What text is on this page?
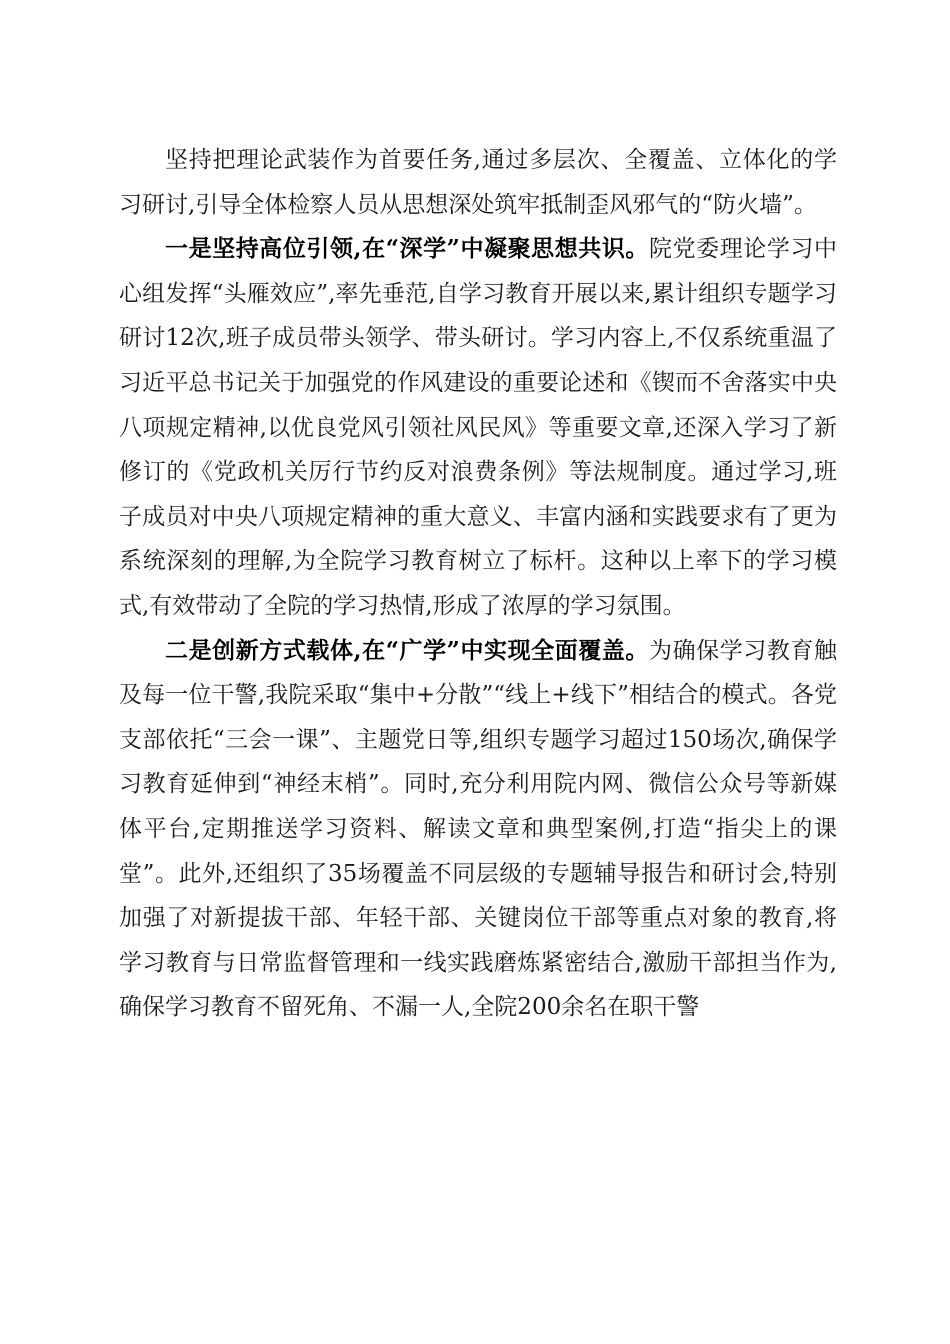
坚持把理论武装作为首要任务,通过多层次、全覆盖、立体化的学习研讨,引导全体检察人员从思想深处筑牢抵制歪风邪气的“防火墙”。

一是坚持高位引领,在“深学”中凝聚思想共识。院党委理论学习中心组发挥“头雁效应”,率先垂范,自学习教育开展以来,累计组织专题学习研讨12次,班子成员带头领学、带头研讨。学习内容上,不仅系统重温了习近平总书记关于加强党的作风建设的重要论述和《锲而不舍落实中央八项规定精神,以优良党风引领社风民风》等重要文章,还深入学习了新修订的《党政机关厉行节约反对浪费条例》等法规制度。通过学习,班子成员对中央八项规定精神的重大意义、丰富内涵和实践要求有了更为系统深刻的理解,为全院学习教育树立了标杆。这种以上率下的学习模式,有效带动了全院的学习热情,形成了浓厚的学习氛围。

二是创新方式载体,在“广学”中实现全面覆盖。为确保学习教育触及每一位干警,我院采取“集中+分散”“线上+线下”相结合的模式。各党支部依托“三会一课”、主题党日等,组织专题学习超过150场次,确保学习教育延伸到“神经末梢”。同时,充分利用院内网、微信公众号等新媒体平台,定期推送学习资料、解读文章和典型案例,打造“指尖上的课堂”。此外,还组织了35场覆盖不同层级的专题辅导报告和研讨会,特别加强了对新提拔干部、年轻干部、关键岗位干部等重点对象的教育,将学习教育与日常监督管理和一线实践磨炼紧密结合,激励干部担当作为,确保学习教育不留死角、不漏一人,全院200余名在职干警
